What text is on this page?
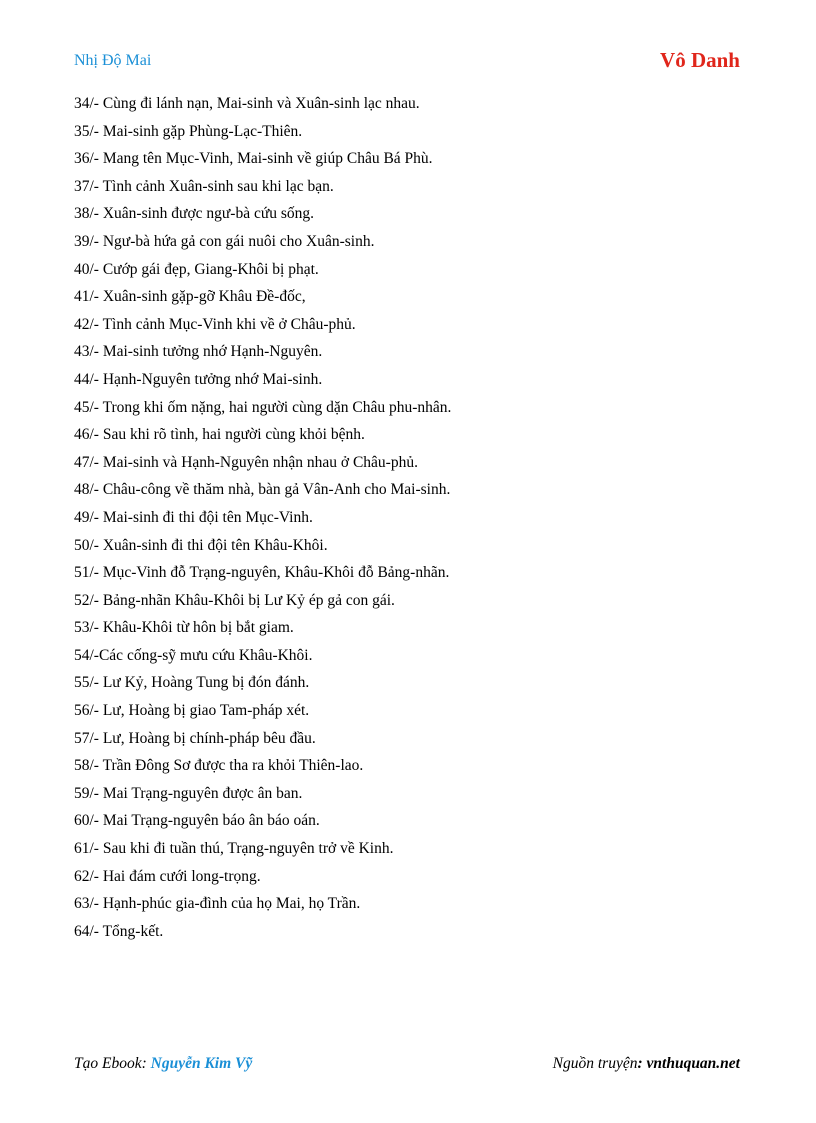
Nhị Độ Mai	Vô Danh
34/- Cùng đi lánh nạn, Mai-sinh và Xuân-sinh lạc nhau.
35/- Mai-sinh gặp Phùng-Lạc-Thiên.
36/- Mang tên Mục-Vinh, Mai-sinh về giúp Châu Bá Phù.
37/- Tình cảnh Xuân-sinh sau khi lạc bạn.
38/- Xuân-sinh được ngư-bà cứu sống.
39/- Ngư-bà hứa gả con gái nuôi cho Xuân-sinh.
40/- Cướp gái đẹp, Giang-Khôi bị phạt.
41/- Xuân-sinh gặp-gỡ Khâu Đề-đốc,
42/- Tình cảnh Mục-Vinh khi về ở Châu-phủ.
43/- Mai-sinh tưởng nhớ Hạnh-Nguyên.
44/- Hạnh-Nguyên tưởng nhớ Mai-sinh.
45/- Trong khi ốm nặng, hai người cùng dặn Châu phu-nhân.
46/- Sau khi rõ tình, hai người cùng khỏi bệnh.
47/- Mai-sinh và Hạnh-Nguyên nhận nhau ở Châu-phủ.
48/- Châu-công về thăm nhà, bàn gả Vân-Anh cho Mai-sinh.
49/- Mai-sinh đi thi đội tên Mục-Vinh.
50/- Xuân-sinh đi thi đội tên Khâu-Khôi.
51/- Mục-Vinh đỗ Trạng-nguyên, Khâu-Khôi đỗ Bảng-nhãn.
52/- Bảng-nhãn Khâu-Khôi bị Lư Kỷ ép gả con gái.
53/- Khâu-Khôi từ hôn bị bắt giam.
54/-Các cống-sỹ mưu cứu Khâu-Khôi.
55/- Lư Kỷ, Hoàng Tung bị đón đánh.
56/- Lư, Hoàng bị giao Tam-pháp xét.
57/- Lư, Hoàng bị chính-pháp bêu đầu.
58/- Trần Đông Sơ được tha ra khỏi Thiên-lao.
59/- Mai Trạng-nguyên được ân ban.
60/- Mai Trạng-nguyên báo ân báo oán.
61/- Sau khi đi tuần thú, Trạng-nguyên trở về Kinh.
62/- Hai đám cưới long-trọng.
63/- Hạnh-phúc gia-đình của họ Mai, họ Trần.
64/- Tổng-kết.
Tạo Ebook: Nguyễn Kim Vỹ	Nguồn truyện: vnthuquan.net
